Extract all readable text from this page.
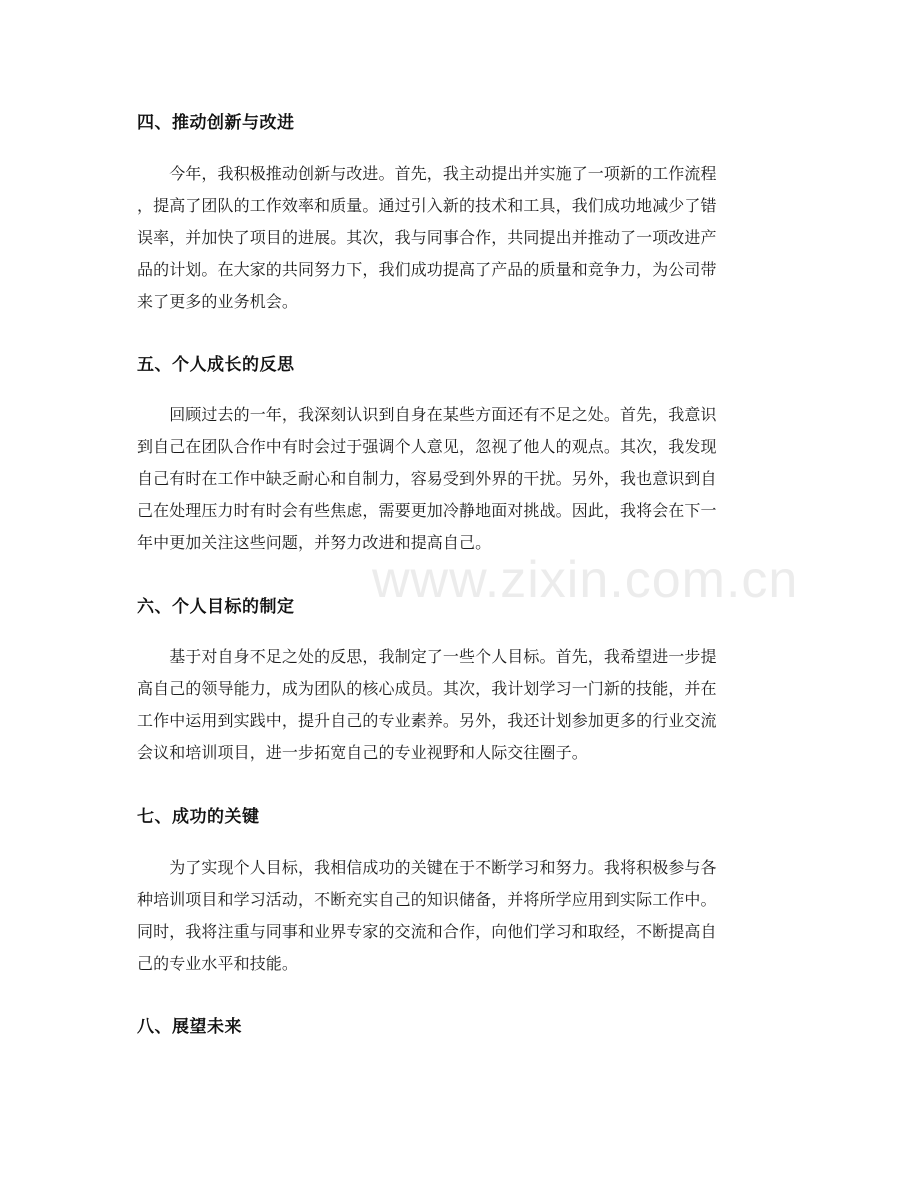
www.zixin.com.cn
四、推动创新与改进
　　今年，我积极推动创新与改进。首先，我主动提出并实施了一项新的工作流程
，提高了团队的工作效率和质量。通过引入新的技术和工具，我们成功地减少了错
误率，并加快了项目的进展。其次，我与同事合作，共同提出并推动了一项改进产
品的计划。在大家的共同努力下，我们成功提高了产品的质量和竞争力，为公司带
来了更多的业务机会。
五、个人成长的反思
　　回顾过去的一年，我深刻认识到自身在某些方面还有不足之处。首先，我意识
到自己在团队合作中有时会过于强调个人意见，忽视了他人的观点。其次，我发现
自己有时在工作中缺乏耐心和自制力，容易受到外界的干扰。另外，我也意识到自
己在处理压力时有时会有些焦虑，需要更加冷静地面对挑战。因此，我将会在下一
年中更加关注这些问题，并努力改进和提高自己。
六、个人目标的制定
　　基于对自身不足之处的反思，我制定了一些个人目标。首先，我希望进一步提
高自己的领导能力，成为团队的核心成员。其次，我计划学习一门新的技能，并在
工作中运用到实践中，提升自己的专业素养。另外，我还计划参加更多的行业交流
会议和培训项目，进一步拓宽自己的专业视野和人际交往圈子。
七、成功的关键
　　为了实现个人目标，我相信成功的关键在于不断学习和努力。我将积极参与各
种培训项目和学习活动，不断充实自己的知识储备，并将所学应用到实际工作中。
同时，我将注重与同事和业界专家的交流和合作，向他们学习和取经，不断提高自
己的专业水平和技能。
八、展望未来
